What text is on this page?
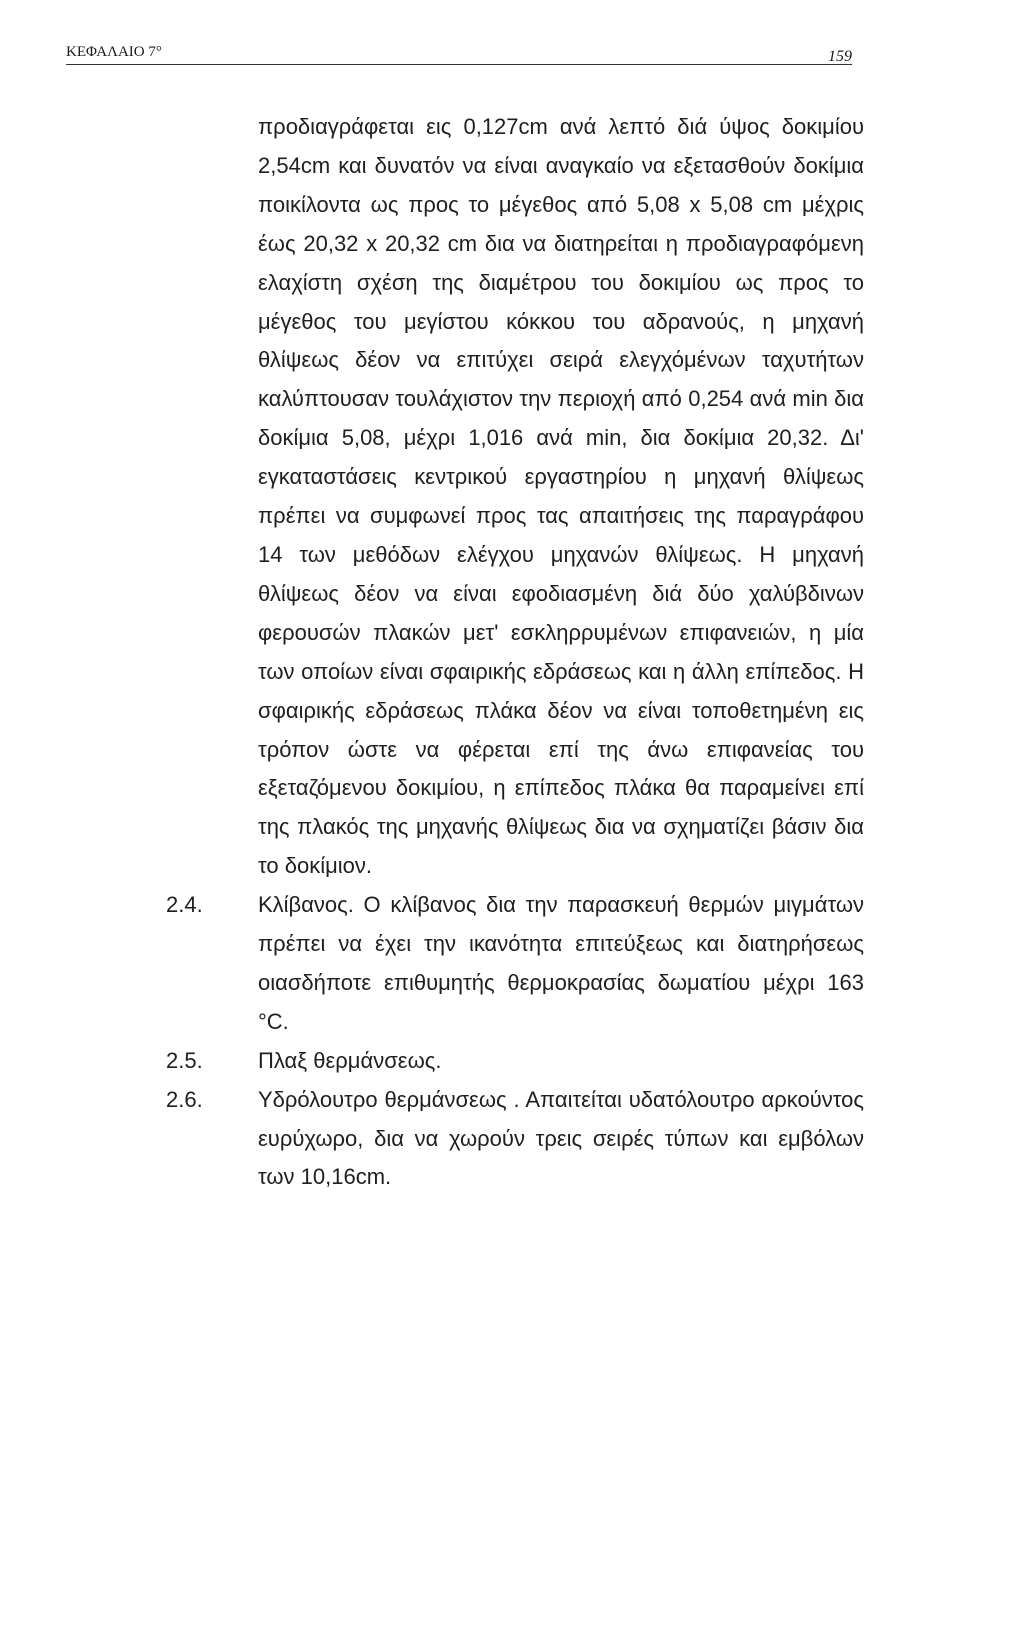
ΚΕΦΑΛΑΙΟ 7°	159

προδιαγράφεται εις 0,127cm ανά λεπτό διά ύψος δοκιμίου 2,54cm και δυνατόν να είναι αναγκαίο να εξετασθούν δοκίμια ποικίλοντα ως προς το μέγεθος από 5,08 x 5,08 cm μέχρις έως 20,32 x 20,32 cm δια να διατηρείται η προδιαγραφόμενη ελαχίστη σχέση της διαμέτρου του δοκιμίου ως προς το μέγεθος του μεγίστου κόκκου του αδρανούς, η μηχανή θλίψεως δέον να επιτύχει σειρά ελεγχόμένων ταχυτήτων καλύπτουσαν τουλάχιστον την περιοχή από 0,254 ανά min δια δοκίμια 5,08, μέχρι 1,016 ανά min, δια δοκίμια 20,32. Δι' εγκαταστάσεις κεντρικού εργαστηρίου η μηχανή θλίψεως πρέπει να συμφωνεί προς τας απαιτήσεις της παραγράφου 14 των μεθόδων ελέγχου μηχανών θλίψεως. Η μηχανή θλίψεως δέον να είναι εφοδιασμένη διά δύο χαλύβδινων φερουσών πλακών μετ' εσκληρρυμένων επιφανειών, η μία των οποίων είναι σφαιρικής εδράσεως και η άλλη επίπεδος. Η σφαιρικής εδράσεως πλάκα δέον να είναι τοποθετημένη εις τρόπον ώστε να φέρεται επί της άνω επιφανείας του εξεταζόμενου δοκιμίου, η επίπεδος πλάκα θα παραμείνει επί της πλακός της μηχανής θλίψεως δια να σχηματίζει βάσιν δια το δοκίμιον.

2.4.	Κλίβανος. Ο κλίβανος δια την παρασκευή θερμών μιγμάτων πρέπει να έχει την ικανότητα επιτεύξεως και διατηρήσεως οιασδήποτε επιθυμητής θερμοκρασίας δωματίου μέχρι 163 °C.

2.5.	Πλαξ θερμάνσεως.

2.6.	Υδρόλουτρο θερμάνσεως . Απαιτείται υδατόλουτρο αρκούντος ευρύχωρο, δια να χωρούν τρεις σειρές τύπων και εμβόλων των 10,16cm.
